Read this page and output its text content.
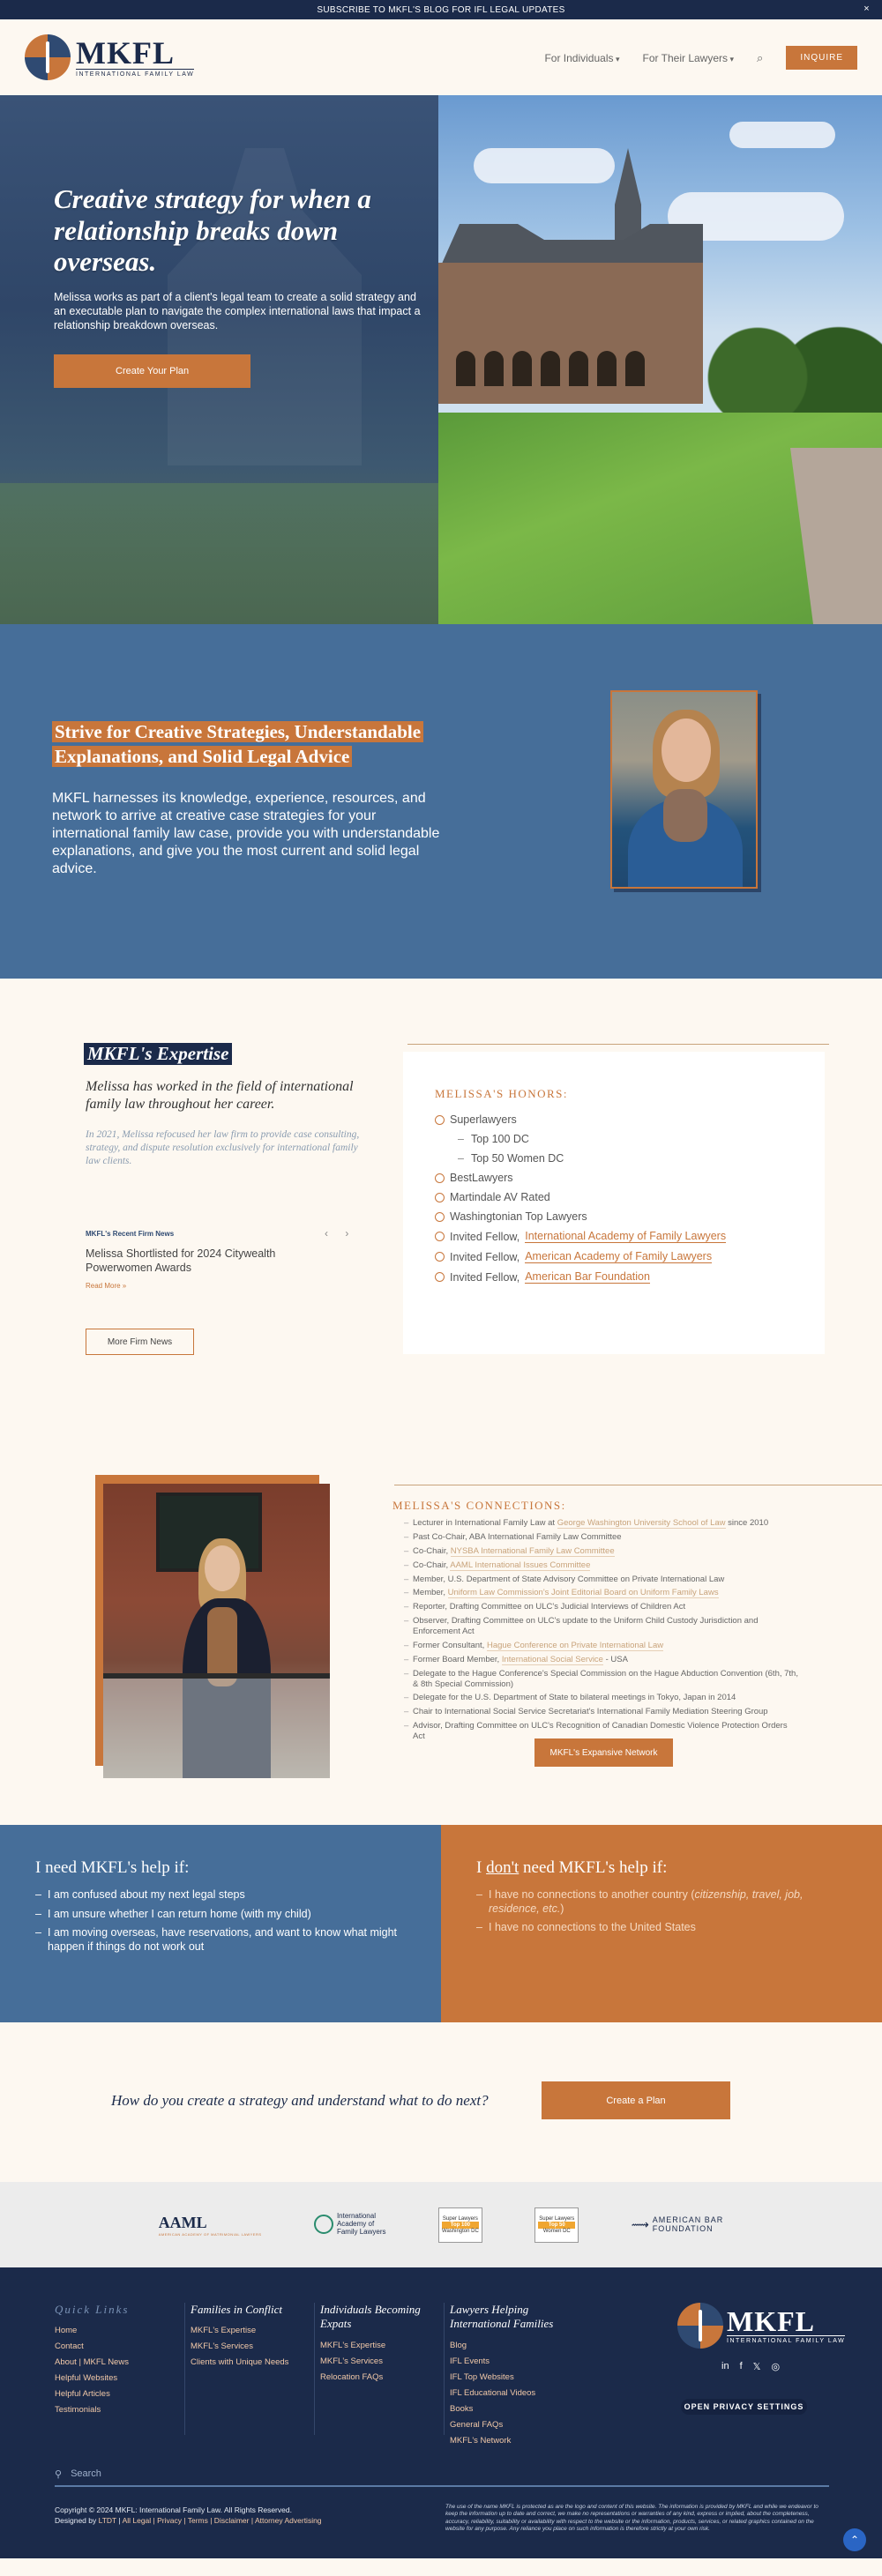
SUBSCRIBE TO MKFL'S BLOG FOR IFL LEGAL UPDATES	×
MKFL
INTERNATIONAL FAMILY LAW
For Individuals ▾	For Their Lawyers ▾	⌕	INQUIRE
Creative strategy for when a relationship breaks down overseas.

Melissa works as part of a client's legal team to create a solid strategy and an executable plan to navigate the complex international laws that impact a relationship breakdown overseas.

Create Your Plan
Strive for Creative Strategies, Understandable Explanations, and Solid Legal Advice

MKFL harnesses its knowledge, experience, resources, and network to arrive at creative case strategies for your international family law case, provide you with understandable explanations, and give you the most current and solid legal advice.

MKFL's Expertise

Melissa has worked in the field of international family law throughout her career.

In 2021, Melissa refocused her law firm to provide case consulting, strategy, and dispute resolution exclusively for international family law clients.

MKFL's Recent Firm News	‹ ›
Melissa Shortlisted for 2024 Citywealth Powerwomen Awards
Read More »
More Firm News
MELISSA'S HONORS:
Superlawyers
– Top 100 DC
– Top 50 Women DC
BestLawyers
Martindale AV Rated
Washingtonian Top Lawyers
Invited Fellow, International Academy of Family Lawyers
Invited Fellow, American Academy of Family Lawyers
Invited Fellow, American Bar Foundation
MELISSA'S CONNECTIONS:
– Lecturer in International Family Law at George Washington University School of Law since 2010
– Past Co-Chair, ABA International Family Law Committee
– Co-Chair, NYSBA International Family Law Committee
– Co-Chair, AAML International Issues Committee
– Member, U.S. Department of State Advisory Committee on Private International Law
– Member, Uniform Law Commission's Joint Editorial Board on Uniform Family Laws
– Reporter, Drafting Committee on ULC's Judicial Interviews of Children Act
– Observer, Drafting Committee on ULC's update to the Uniform Child Custody Jurisdiction and Enforcement Act
– Former Consultant, Hague Conference on Private International Law
– Former Board Member, International Social Service - USA
– Delegate to the Hague Conference's Special Commission on the Hague Abduction Convention (6th, 7th, & 8th Special Commission)
– Delegate for the U.S. Department of State to bilateral meetings in Tokyo, Japan in 2014
– Chair to International Social Service Secretariat's International Family Mediation Steering Group
– Advisor, Drafting Committee on ULC's Recognition of Canadian Domestic Violence Protection Orders Act
MKFL's Expansive Network
I need MKFL's help if:
– I am confused about my next legal steps
– I am unsure whether I can return home (with my child)
– I am moving overseas, have reservations, and want to know what might happen if things do not work out
I don't need MKFL's help if:
– I have no connections to another country (citizenship, travel, job, residence, etc.)
– I have no connections to the United States

How do you create a strategy and understand what to do next?	Create a Plan
AAML
AMERICAN ACADEMY OF MATRIMONIAL LAWYERS
International
Academy of
Family Lawyers
Super Lawyers
Top 100
Washington DC
Super Lawyers
Top 50
Women DC	⟿ AMERICAN BAR
FOUNDATION
Quick Links
Home
Contact
About | MKFL News
Helpful Websites
Helpful Articles
Testimonials
Families in Conflict
MKFL's Expertise
MKFL's Services
Clients with Unique Needs
Individuals Becoming Expats
MKFL's Expertise
MKFL's Services
Relocation FAQs
Lawyers Helping International Families
Blog
IFL Events
IFL Top Websites
IFL Educational Videos
Books
General FAQs
MKFL's Network
MKFL
INTERNATIONAL FAMILY LAW
in f 𝕏 ◎
OPEN PRIVACY SETTINGS
⚲ Search
Copyright © 2024 MKFL: International Family Law. All Rights Reserved.
Designed by LTDT | All Legal | Privacy | Terms | Disclaimer | Attorney Advertising

The use of the name MKFL is protected as are the logo and content of this website. The information is provided by MKFL and while we endeavor to keep the information up to date and correct, we make no representations or warranties of any kind, express or implied, about the completeness, accuracy, reliability, suitability or availability with respect to the website or the information, products, services, or related graphics contained on the website for any purpose. Any reliance you place on such information is therefore strictly at your own risk.

⌃
